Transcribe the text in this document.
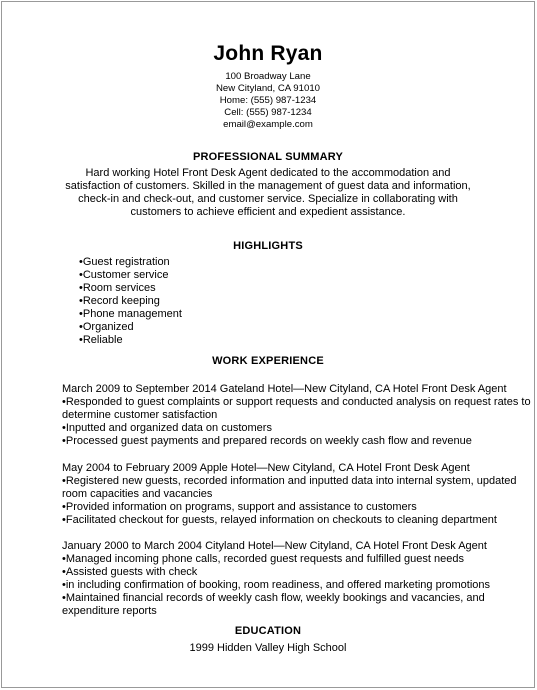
John Ryan
100 Broadway Lane
New Cityland, CA 91010
Home: (555) 987-1234
Cell: (555) 987-1234
email@example.com
PROFESSIONAL SUMMARY
Hard working Hotel Front Desk Agent dedicated to the accommodation and satisfaction of customers. Skilled in the management of guest data and information, check-in and check-out, and customer service. Specialize in collaborating with customers to achieve efficient and expedient assistance.
HIGHLIGHTS
• Guest registration
• Customer service
• Room services
• Record keeping
• Phone management
• Organized
• Reliable
WORK EXPERIENCE
March 2009 to September 2014 Gateland Hotel—New Cityland, CA Hotel Front Desk Agent
• Responded to guest complaints or support requests and conducted analysis on request rates to determine customer satisfaction
• Inputted and organized data on customers
• Processed guest payments and prepared records on weekly cash flow and revenue
May 2004 to February 2009 Apple Hotel—New Cityland, CA Hotel Front Desk Agent
• Registered new guests, recorded information and inputted data into internal system, updated room capacities and vacancies
• Provided information on programs, support and assistance to customers
• Facilitated checkout for guests, relayed information on checkouts to cleaning department
January 2000 to March 2004 Cityland Hotel—New Cityland, CA Hotel Front Desk Agent
• Managed incoming phone calls, recorded guest requests and fulfilled guest needs
• Assisted guests with check
• in including confirmation of booking, room readiness, and offered marketing promotions
• Maintained financial records of weekly cash flow, weekly bookings and vacancies, and expenditure reports
EDUCATION
1999 Hidden Valley High School
